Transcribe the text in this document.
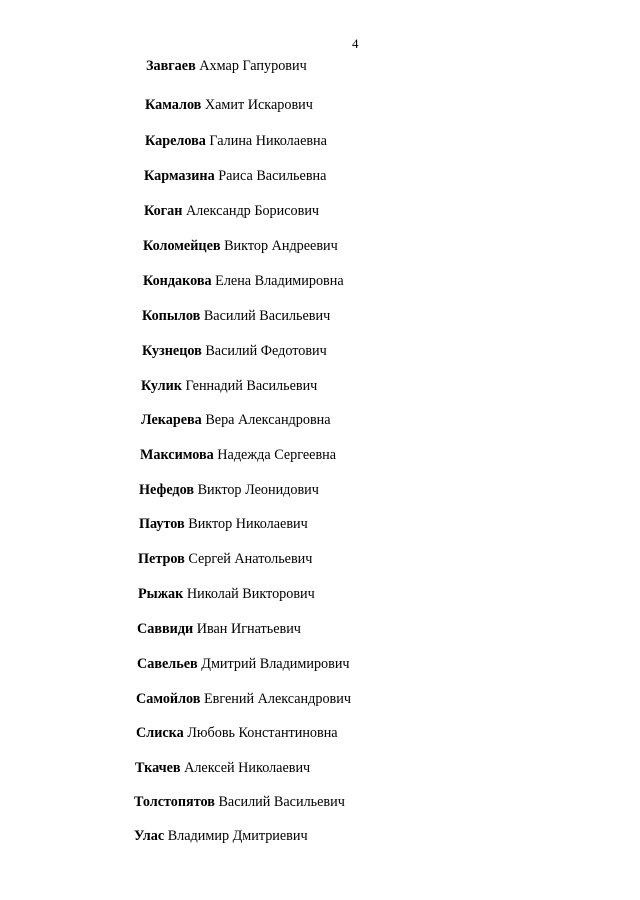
4
Завгаев Ахмар Гапурович
Камалов Хамит Искарович
Карелова Галина Николаевна
Кармазина Раиса Васильевна
Коган Александр Борисович
Коломейцев Виктор Андреевич
Кондакова Елена Владимировна
Копылов Василий Васильевич
Кузнецов Василий Федотович
Кулик Геннадий Васильевич
Лекарева Вера Александровна
Максимова Надежда Сергеевна
Нефедов Виктор Леонидович
Паутов Виктор Николаевич
Петров Сергей Анатольевич
Рыжак Николай Викторович
Саввиди Иван Игнатьевич
Савельев Дмитрий Владимирович
Самойлов Евгений Александрович
Слиска Любовь Константиновна
Ткачев Алексей Николаевич
Толстопятов Василий Васильевич
Улас Владимир Дмитриевич
